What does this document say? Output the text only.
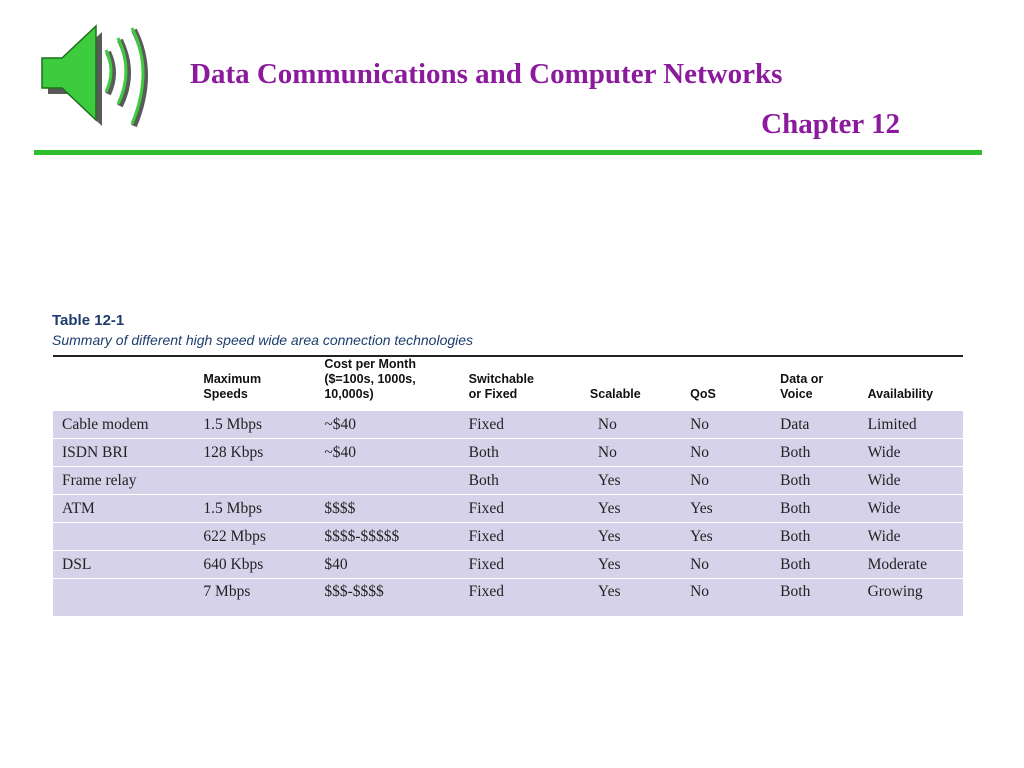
Data Communications and Computer Networks
Chapter 12
Table 12-1
Summary of different high speed wide area connection technologies
	Maximum
Speeds	Cost per Month
($=100s, 1000s,
10,000s)	Switchable
or Fixed	Scalable	QoS	Data or
Voice	Availability
Cable modem	1.5 Mbps	~$40	Fixed	No	No	Data	Limited
ISDN BRI	128 Kbps	~$40	Both	No	No	Both	Wide
Frame relay			Both	Yes	No	Both	Wide
ATM	1.5 Mbps	$$$$	Fixed	Yes	Yes	Both	Wide
	622 Mbps	$$$$-$$$$$	Fixed	Yes	Yes	Both	Wide
DSL	640 Kbps	$40	Fixed	Yes	No	Both	Moderate
	7 Mbps	$$$-$$$$	Fixed	Yes	No	Both	Growing
